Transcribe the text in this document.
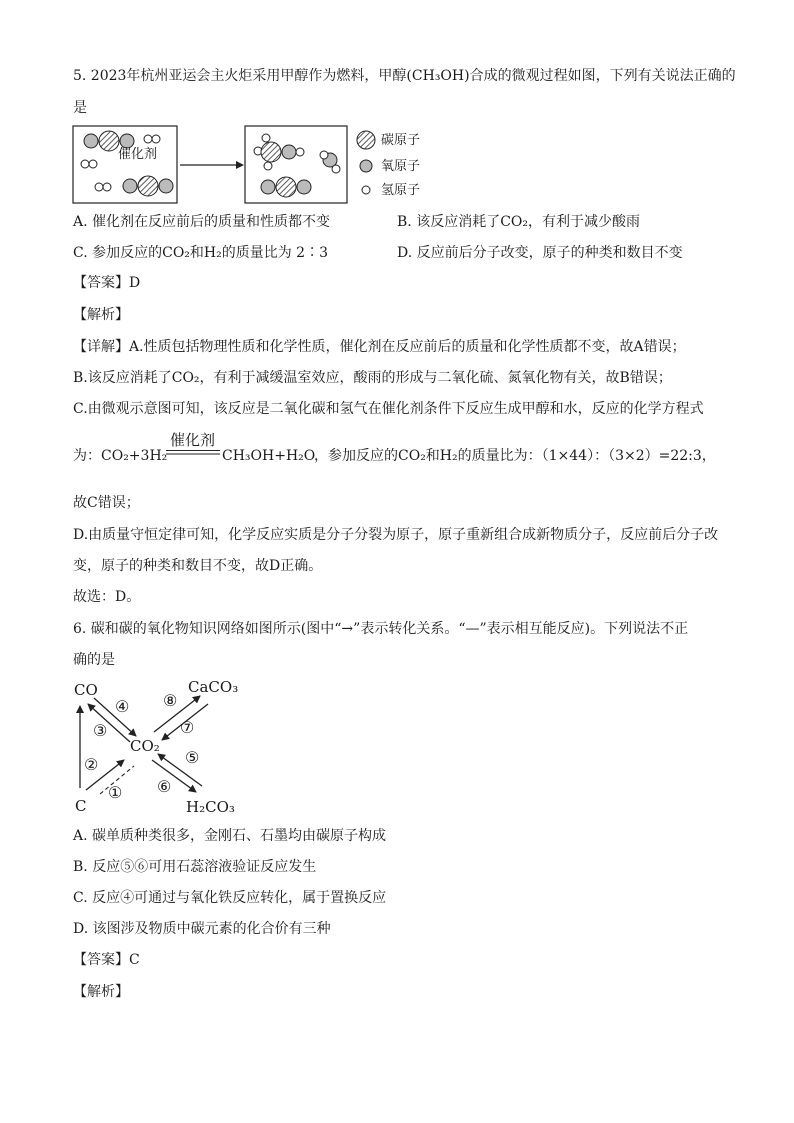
5. 2023年杭州亚运会主火炬采用甲醇作为燃料，甲醇(CH₃OH)合成的微观过程如图，下列有关说法正确的
是
催化剂
碳原子
氧原子
氢原子
A. 催化剂在反应前后的质量和性质都不变	B. 该反应消耗了CO₂，有利于减少酸雨
C. 参加反应的CO₂和H₂的质量比为 2∶3	D. 反应前后分子改变，原子的种类和数目不变
【答案】D
【解析】
【详解】A.性质包括物理性质和化学性质，催化剂在反应前后的质量和化学性质都不变，故A错误；
B.该反应消耗了CO₂，有利于减缓温室效应，酸雨的形成与二氧化硫、氮氧化物有关，故B错误；
C.由微观示意图可知，该反应是二氧化碳和氢气在催化剂条件下反应生成甲醇和水，反应的化学方程式
为：CO₂+3H₂
催化剂
CH₃OH+H₂O
，参加反应的CO₂和H₂的质量比为：（1×44）：（3×2）=22:3，
故C错误；
D.由质量守恒定律可知，化学反应实质是分子分裂为原子，原子重新组合成新物质分子，反应前后分子改
变，原子的种类和数目不变，故D正确。
故选：D。
6. 碳和碳的氧化物知识网络如图所示(图中“→”表示转化关系。“—”表示相互能反应)。下列说法不正
确的是
CO	CaCO₃
CO₂
C	H₂CO₃
①
②
③
④
⑤
⑥
⑦
⑧
A. 碳单质种类很多，金刚石、石墨均由碳原子构成
B. 反应⑤⑥可用石蕊溶液验证反应发生
C. 反应④可通过与氧化铁反应转化，属于置换反应
D. 该图涉及物质中碳元素的化合价有三种
【答案】C
【解析】
